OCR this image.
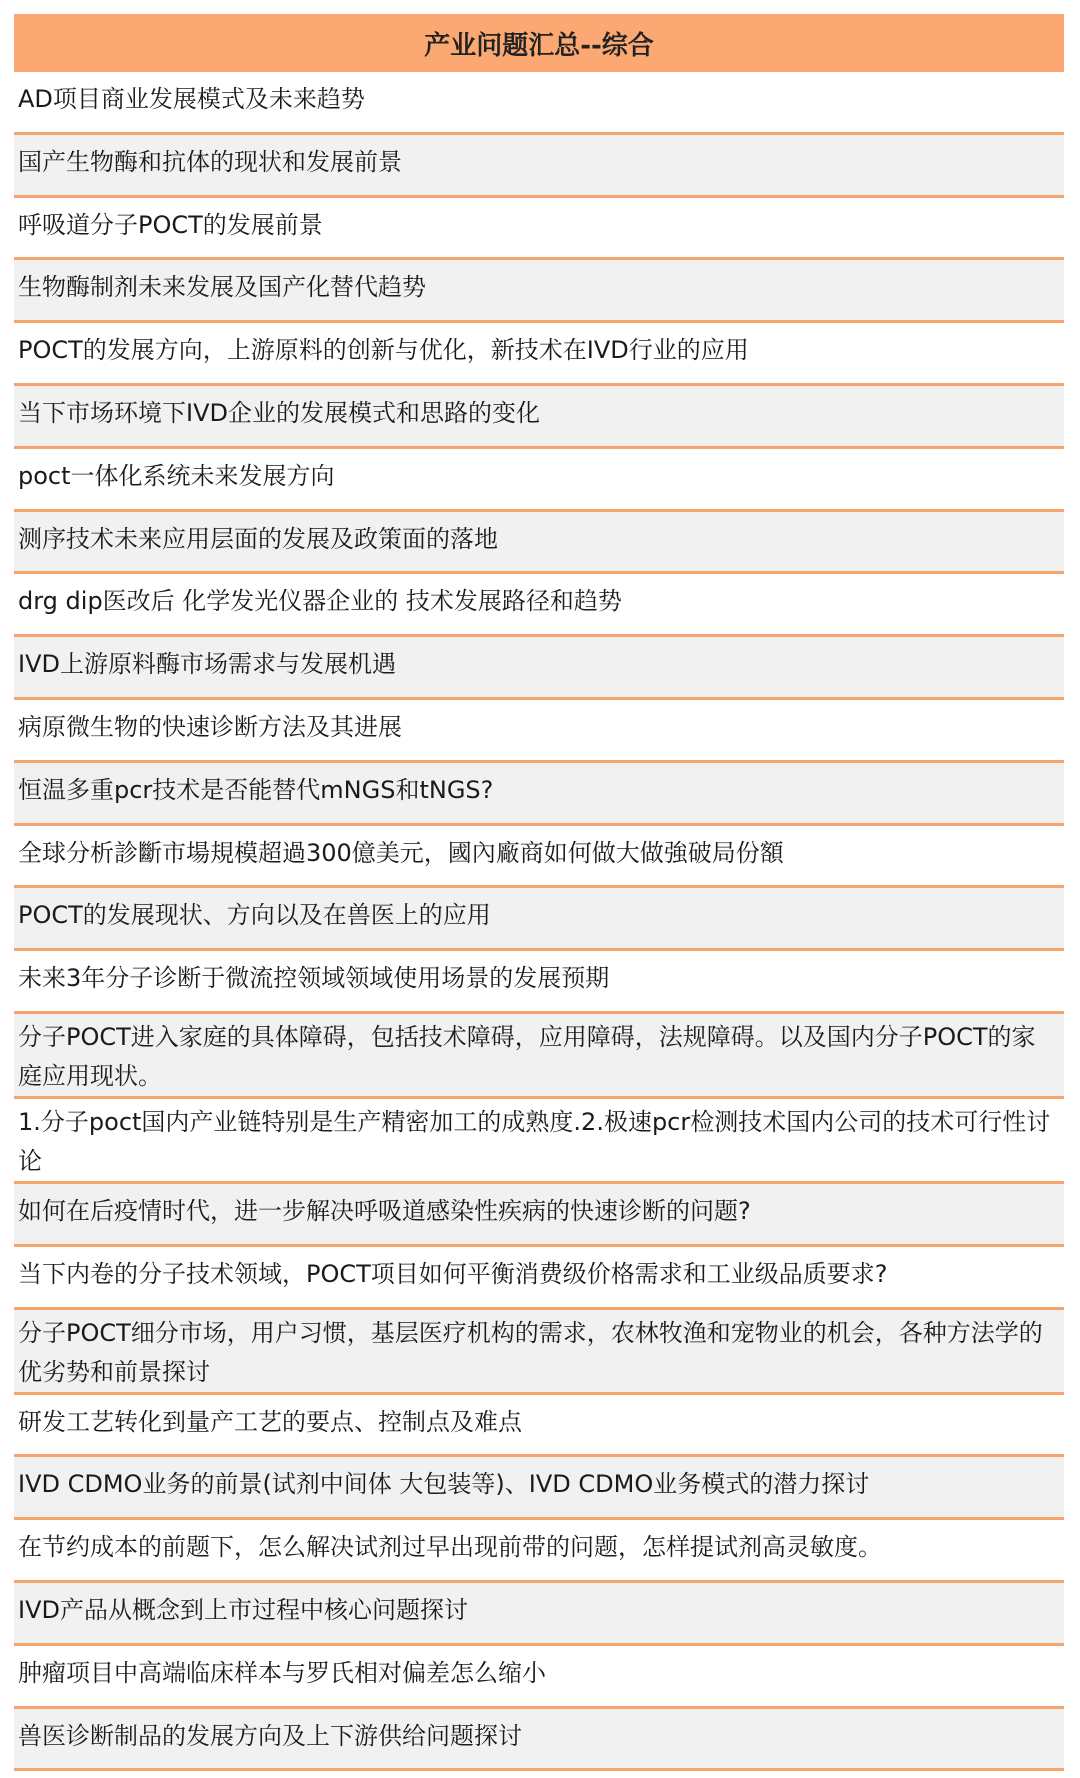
产业问题汇总--综合
AD项目商业发展模式及未来趋势
国产生物酶和抗体的现状和发展前景
呼吸道分子POCT的发展前景
生物酶制剂未来发展及国产化替代趋势
POCT的发展方向，上游原料的创新与优化，新技术在IVD行业的应用
当下市场环境下IVD企业的发展模式和思路的变化
poct一体化系统未来发展方向
测序技术未来应用层面的发展及政策面的落地
drg dip医改后 化学发光仪器企业的 技术发展路径和趋势
IVD上游原料酶市场需求与发展机遇
病原微生物的快速诊断方法及其进展
恒温多重pcr技术是否能替代mNGS和tNGS?
全球分析診斷市場規模超過300億美元，國內廠商如何做大做強破局份額
POCT的发展现状、方向以及在兽医上的应用
未来3年分子诊断于微流控领域领域使用场景的发展预期
分子POCT进入家庭的具体障碍，包括技术障碍，应用障碍，法规障碍。以及国内分子POCT的家庭应用现状。
1.分子poct国内产业链特别是生产精密加工的成熟度.2.极速pcr检测技术国内公司的技术可行性讨论
如何在后疫情时代，进一步解决呼吸道感染性疾病的快速诊断的问题?
当下内卷的分子技术领域，POCT项目如何平衡消费级价格需求和工业级品质要求?
分子POCT细分市场，用户习惯，基层医疗机构的需求，农林牧渔和宠物业的机会，各种方法学的优劣势和前景探讨
研发工艺转化到量产工艺的要点、控制点及难点
IVD CDMO业务的前景(试剂中间体 大包装等)、IVD CDMO业务模式的潜力探讨
在节约成本的前题下，怎么解决试剂过早出现前带的问题，怎样提试剂高灵敏度。
IVD产品从概念到上市过程中核心问题探讨
肿瘤项目中高端临床样本与罗氏相对偏差怎么缩小
兽医诊断制品的发展方向及上下游供给问题探讨
